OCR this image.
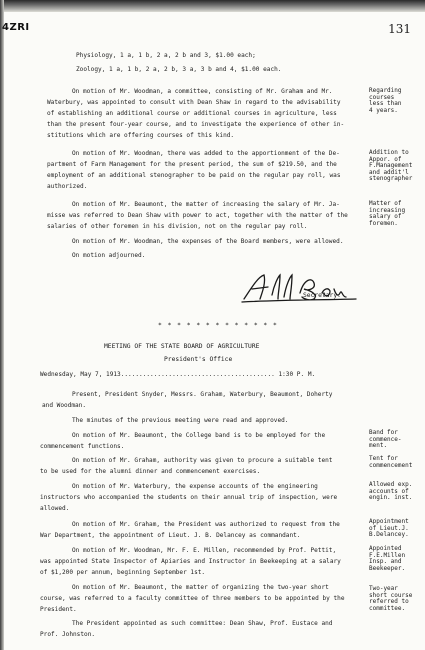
4ZRI	131
Physiology, 1 a, 1 b, 2 a, 2 b and 3, $1.00 each;
Zoology, 1 a, 1 b, 2 a, 2 b, 3 a, 3 b and 4, $1.00 each.
On motion of Mr. Woodman, a committee, consisting of Mr. Graham and Mr.
Waterbury, was appointed to consult with Dean Shaw in regard to the advisability
of establishing an additional course or additional courses in agriculture, less
than the present four-year course, and to investigate the experience of other in-
stitutions which are offering courses of this kind.
On motion of Mr. Woodman, there was added to the apportionment of the De-
partment of Farm Management for the present period, the sum of $219.50, and the
employment of an additional stenographer to be paid on the regular pay roll, was
authorized.
On motion of Mr. Beaumont, the matter of increasing the salary of Mr. Ja-
misse was referred to Dean Shaw with power to act, together with the matter of the
salaries of other foremen in his division, not on the regular pay roll.
On motion of Mr. Woodman, the expenses of the Board members, were allowed.
On motion adjourned.
Secretary.
* * * * * * * * * * * * *
MEETING OF THE STATE BOARD OF AGRICULTURE
President's Office
Wednesday, May 7, 1913.......................................... 1:30 P. M.
Present, President Snyder, Messrs. Graham, Waterbury, Beaumont, Doherty
and Woodman.
The minutes of the previous meeting were read and approved.
On motion of Mr. Beaumont, the College band is to be employed for the
commencement functions.
On motion of Mr. Graham, authority was given to procure a suitable tent
to be used for the alumni dinner and commencement exercises.
On motion of Mr. Waterbury, the expense accounts of the engineering
instructors who accompanied the students on their annual trip of inspection, were
allowed.
On motion of Mr. Graham, the President was authorized to request from the
War Department, the appointment of Lieut. J. B. Delancey as commandant.
On motion of Mr. Woodman, Mr. F. E. Millen, recommended by Prof. Pettit,
was appointed State Inspector of Apiaries and Instructor in Beekeeping at a salary
of $1,200 per annum, beginning September 1st.
On motion of Mr. Beaumont, the matter of organizing the two-year short
course, was referred to a faculty committee of three members to be appointed by the
President.
The President appointed as such committee: Dean Shaw, Prof. Eustace and
Prof. Johnston.
Regarding
courses
less than
4 years.
Addition to
Appor. of
F.Management
and addit'l
stenographer
Matter of
increasing
salary of
foremen.
Band for
commence-
ment.
Tent for
commencement
Allowed exp.
accounts of
engin. inst.
Appointment
of Lieut.J.
B.Delancey.
Appointed
F.E.Millen
Insp. and
Beekeeper.
Two-year
short course
referred to
committee.
